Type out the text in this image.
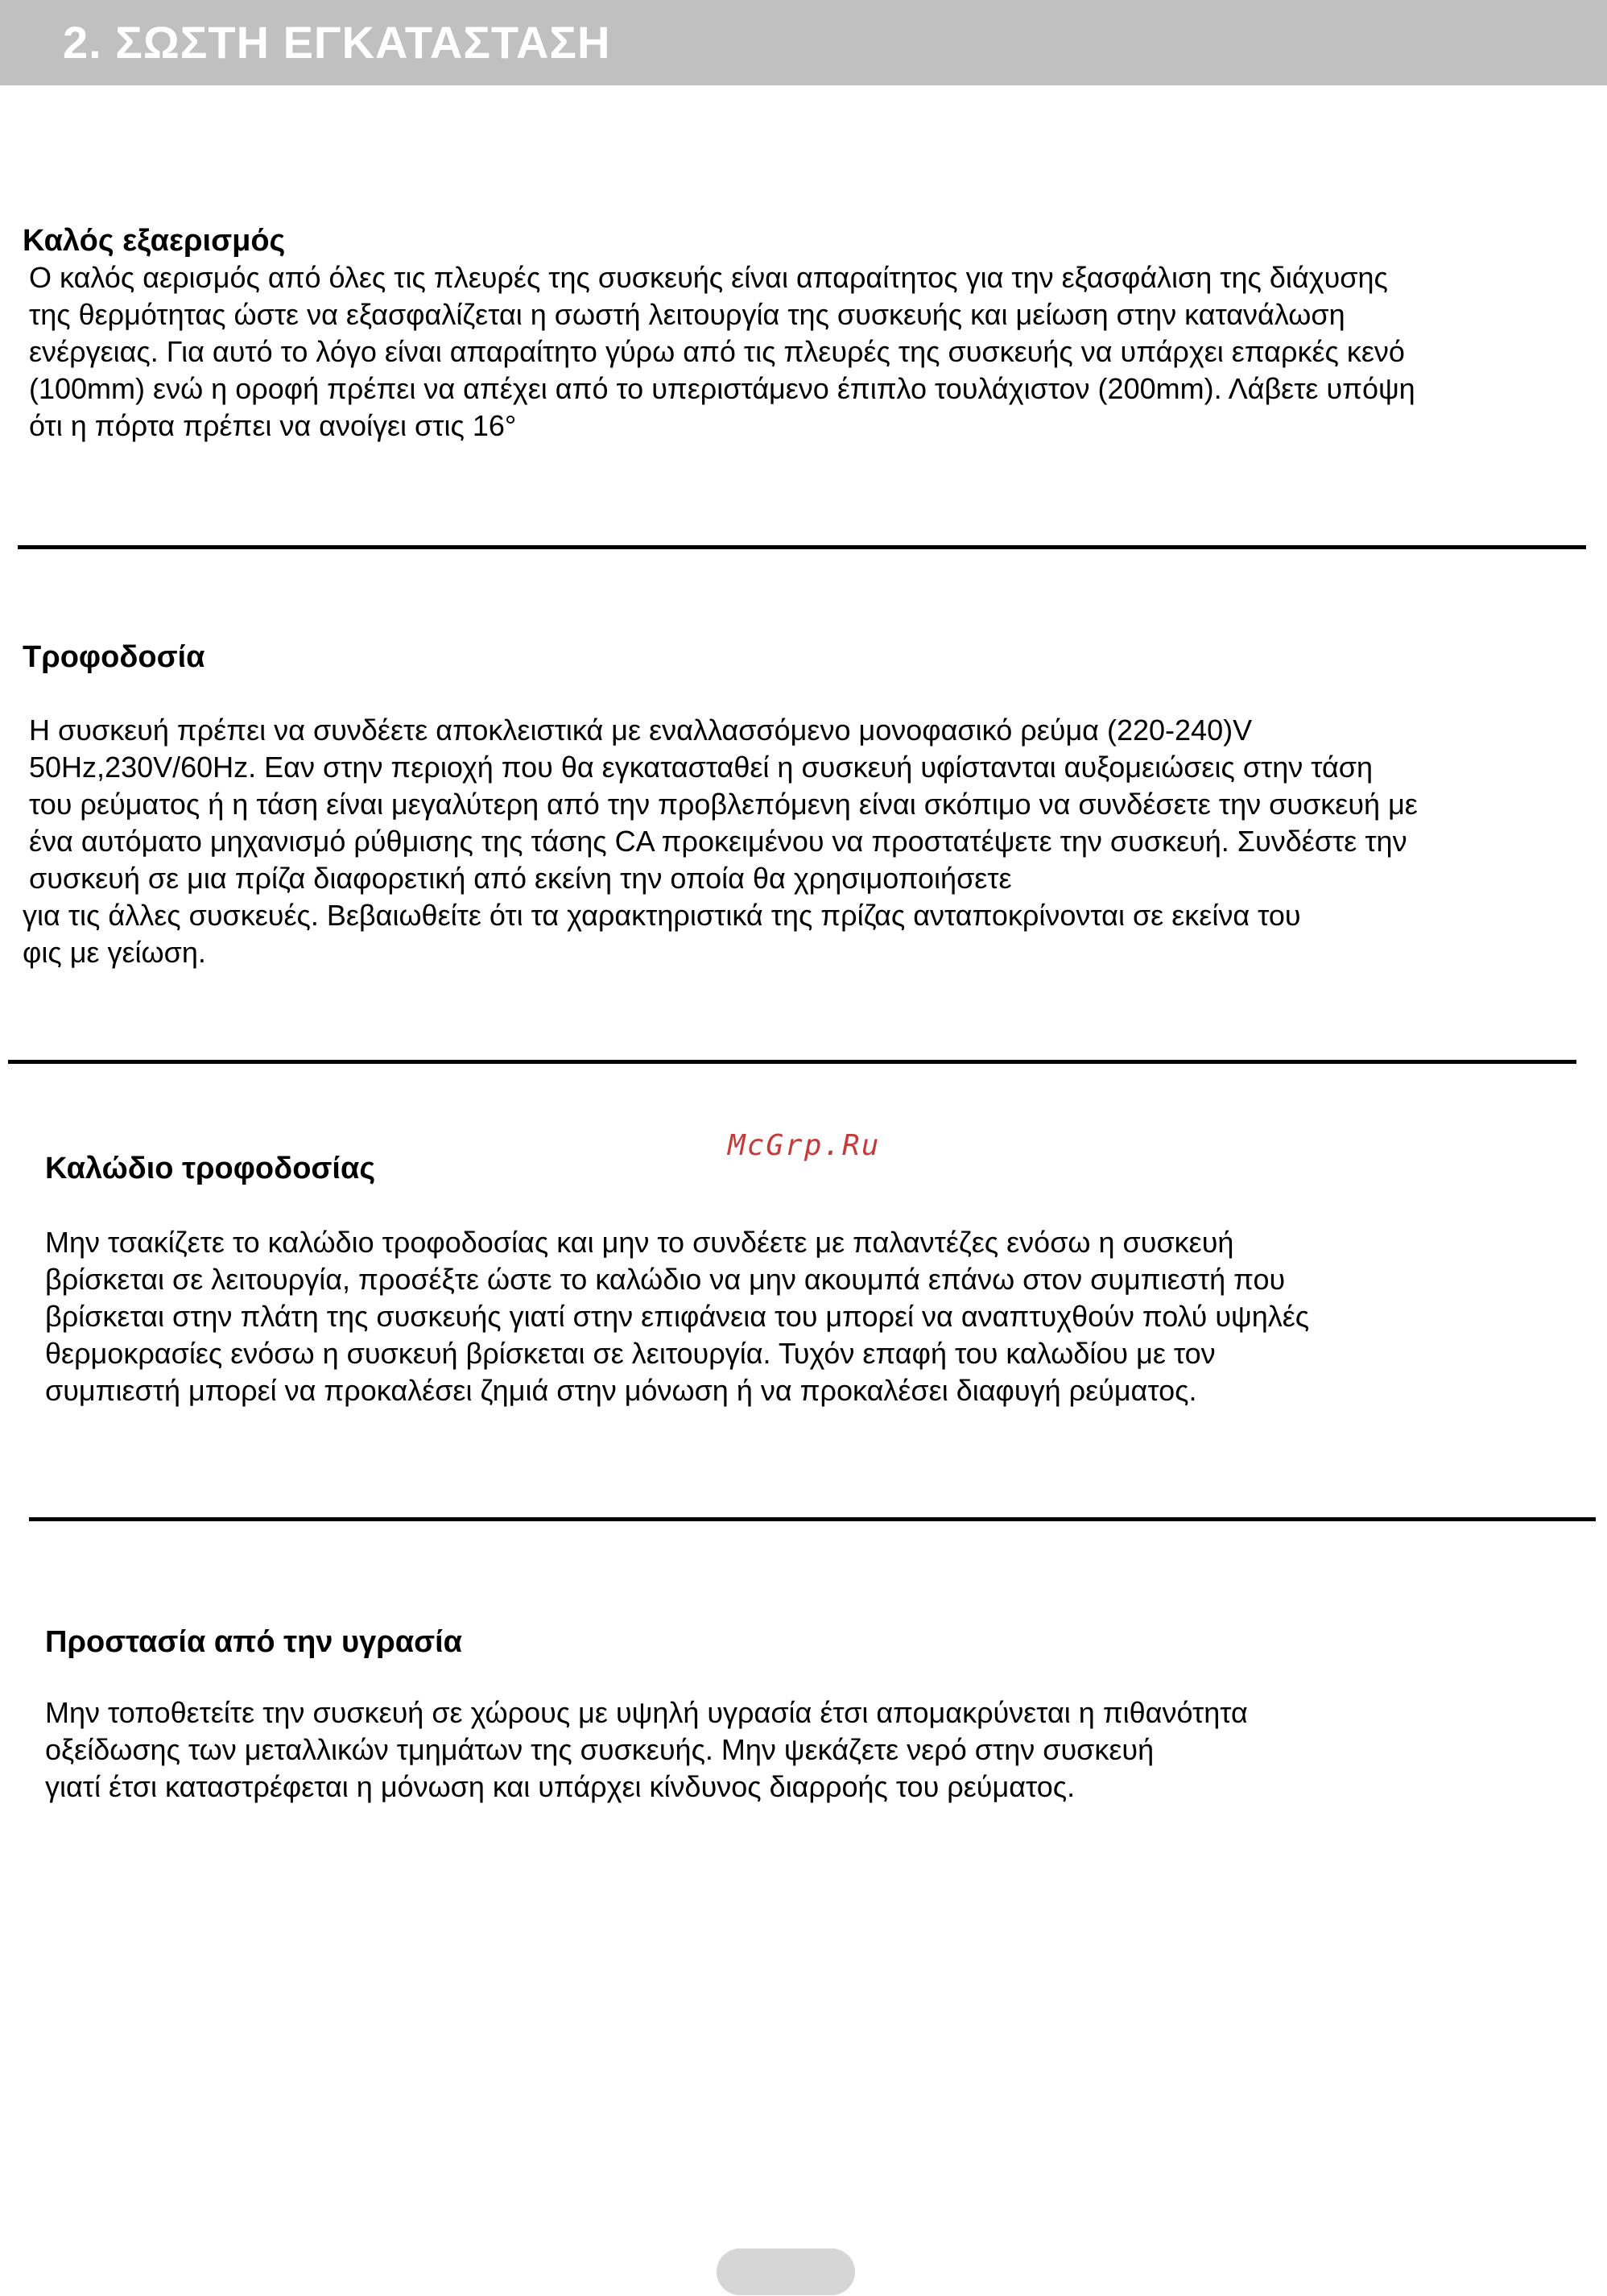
2. ΣΩΣΤΗ ΕΓΚΑΤΑΣΤΑΣΗ
Καλός εξαερισμός
Ο καλός αερισμός από όλες τις πλευρές της συσκευής είναι απαραίτητος για την εξασφάλιση της διάχυσης
της θερμότητας ώστε να εξασφαλίζεται η σωστή λειτουργία της συσκευής και μείωση στην κατανάλωση
ενέργειας. Για αυτό το λόγο είναι απαραίτητο γύρω από τις πλευρές της συσκευής να υπάρχει επαρκές κενό
(100mm) ενώ η οροφή πρέπει να απέχει από το υπεριστάμενο έπιπλο τουλάχιστον (200mm). Λάβετε υπόψη
ότι η πόρτα πρέπει να ανοίγει στις 16°
Τροφοδοσία
Η συσκευή πρέπει να συνδέετε αποκλειστικά με εναλλασσόμενο μονοφασικό ρεύμα (220-240)V
50Hz,230V/60Hz. Εαν στην περιοχή που θα εγκατασταθεί η συσκευή υφίστανται αυξομειώσεις στην τάση
του ρεύματος ή η τάση είναι μεγαλύτερη από την προβλεπόμενη είναι σκόπιμο να συνδέσετε την συσκευή με
ένα αυτόματο μηχανισμό ρύθμισης της τάσης CA προκειμένου να προστατέψετε την συσκευή. Συνδέστε την
συσκευή σε μια πρίζα διαφορετική από εκείνη την οποία θα χρησιμοποιήσετε
για τις άλλες συσκευές. Βεβαιωθείτε ότι τα χαρακτηριστικά της πρίζας ανταποκρίνονται σε εκείνα του
φις με γείωση.
Καλώδιο τροφοδοσίας
McGrp.Ru
Μην τσακίζετε το καλώδιο τροφοδοσίας και μην το συνδέετε με παλαντέζες ενόσω η συσκευή
βρίσκεται σε λειτουργία, προσέξτε ώστε το καλώδιο να μην ακουμπά επάνω στον συμπιεστή που
βρίσκεται στην πλάτη της συσκευής γιατί στην επιφάνεια του μπορεί να αναπτυχθούν πολύ υψηλές
θερμοκρασίες ενόσω η συσκευή βρίσκεται σε λειτουργία. Τυχόν επαφή του καλωδίου με τον
συμπιεστή μπορεί να προκαλέσει ζημιά στην μόνωση ή να προκαλέσει διαφυγή ρεύματος.
Προστασία από την υγρασία
Μην τοποθετείτε την συσκευή σε χώρους με υψηλή υγρασία έτσι απομακρύνεται η πιθανότητα
οξείδωσης των μεταλλικών τμημάτων της συσκευής. Μην ψεκάζετε νερό στην συσκευή
γιατί έτσι καταστρέφεται η μόνωση και υπάρχει κίνδυνος διαρροής του ρεύματος.
